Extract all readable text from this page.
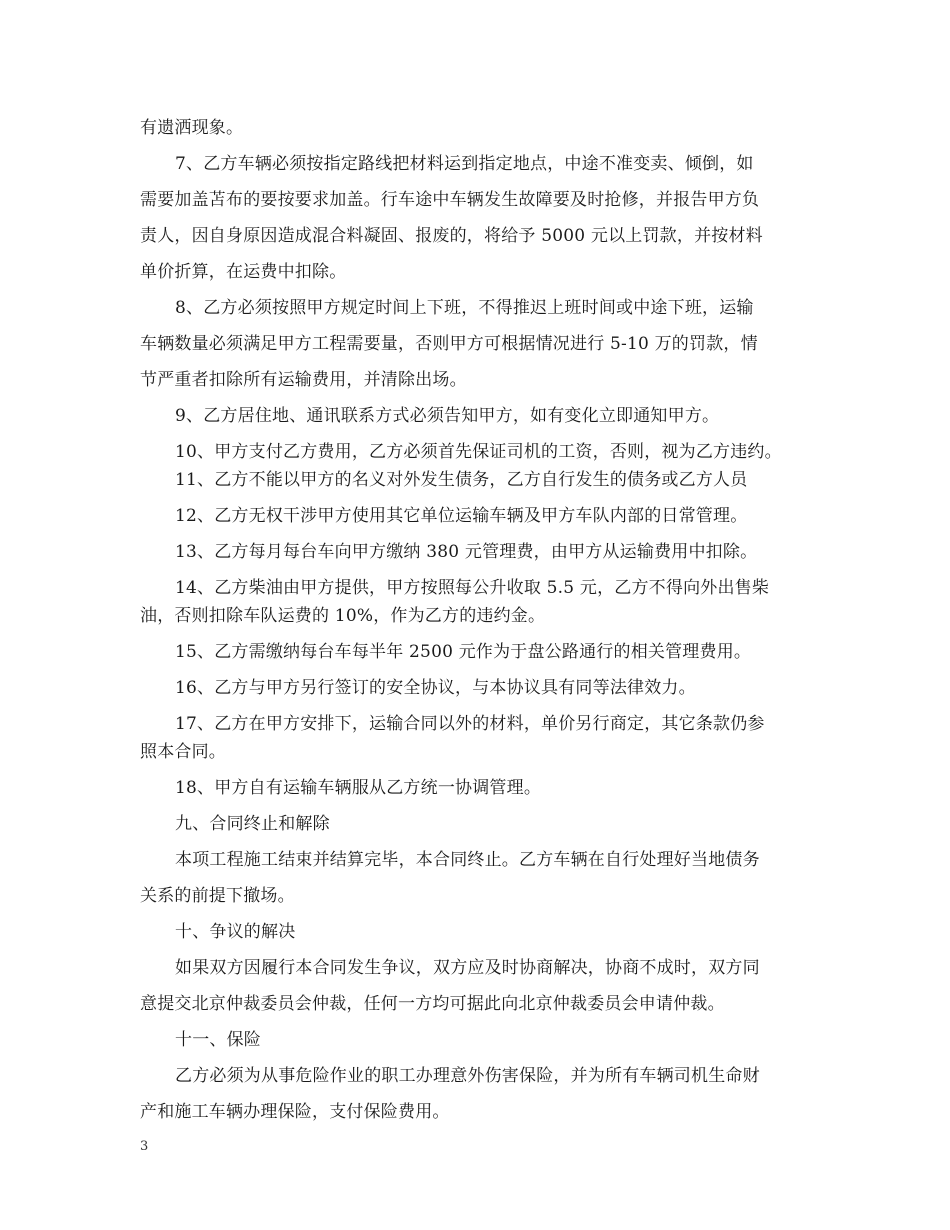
有遗洒现象。
7、乙方车辆必须按指定路线把材料运到指定地点，中途不准变卖、倾倒，如
需要加盖苫布的要按要求加盖。行车途中车辆发生故障要及时抢修，并报告甲方负
责人，因自身原因造成混合料凝固、报废的，将给予 5000 元以上罚款，并按材料
单价折算，在运费中扣除。
8、乙方必须按照甲方规定时间上下班，不得推迟上班时间或中途下班，运输
车辆数量必须满足甲方工程需要量，否则甲方可根据情况进行 5-10 万的罚款，情
节严重者扣除所有运输费用，并清除出场。
9、乙方居住地、通讯联系方式必须告知甲方，如有变化立即通知甲方。
10、甲方支付乙方费用，乙方必须首先保证司机的工资，否则，视为乙方违约。
11、乙方不能以甲方的名义对外发生债务，乙方自行发生的债务或乙方人员
12、乙方无权干涉甲方使用其它单位运输车辆及甲方车队内部的日常管理。
13、乙方每月每台车向甲方缴纳 380 元管理费，由甲方从运输费用中扣除。
14、乙方柴油由甲方提供，甲方按照每公升收取 5.5 元，乙方不得向外出售柴
油，否则扣除车队运费的 10%，作为乙方的违约金。
15、乙方需缴纳每台车每半年 2500 元作为于盘公路通行的相关管理费用。
16、乙方与甲方另行签订的安全协议，与本协议具有同等法律效力。
17、乙方在甲方安排下，运输合同以外的材料，单价另行商定，其它条款仍参
照本合同。
18、甲方自有运输车辆服从乙方统一协调管理。
九、合同终止和解除
本项工程施工结束并结算完毕，本合同终止。乙方车辆在自行处理好当地债务
关系的前提下撤场。
十、争议的解决
如果双方因履行本合同发生争议，双方应及时协商解决，协商不成时，双方同
意提交北京仲裁委员会仲裁，任何一方均可据此向北京仲裁委员会申请仲裁。
十一、保险
乙方必须为从事危险作业的职工办理意外伤害保险，并为所有车辆司机生命财
产和施工车辆办理保险，支付保险费用。
3
